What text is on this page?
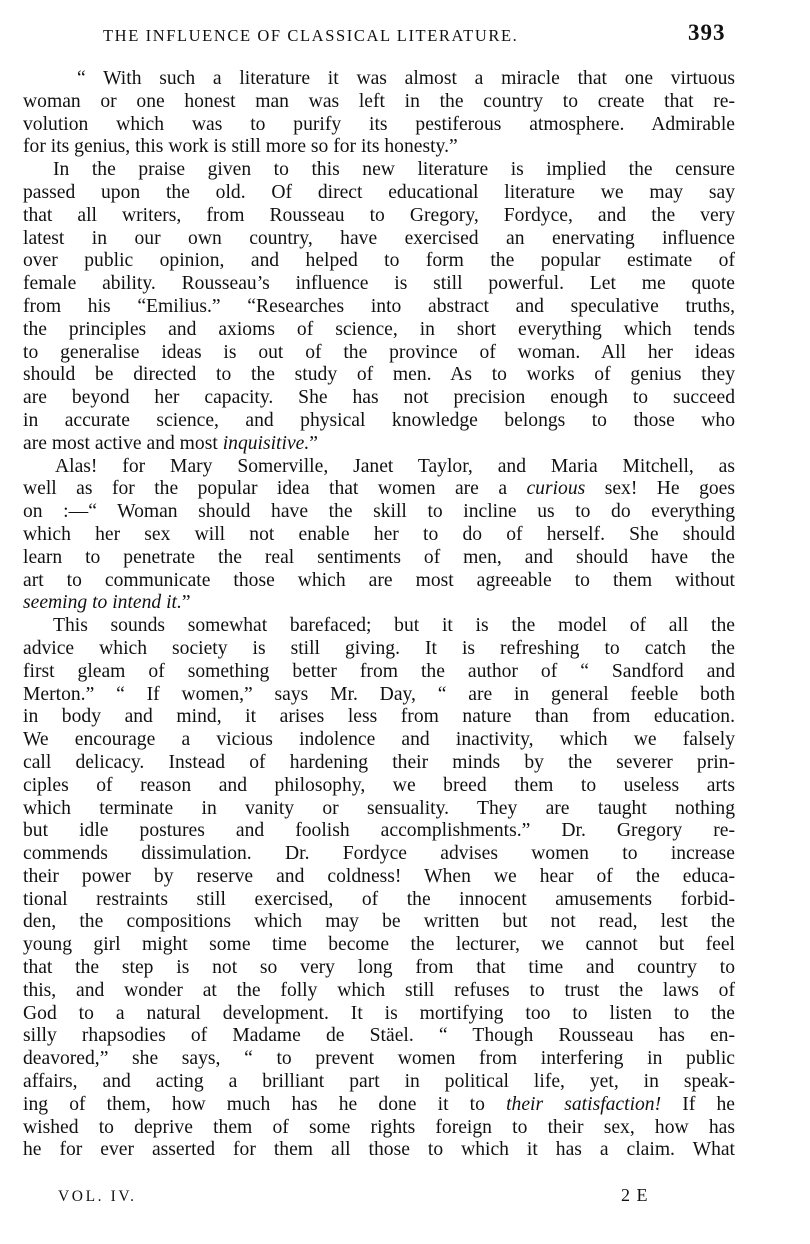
THE INFLUENCE OF CLASSICAL LITERATURE.	393
“ With such a literature it was almost a miracle that one virtuous
woman or one honest man was left in the country to create that re-
volution which was to purify its pestiferous atmosphere. Admirable
for its genius, this work is still more so for its honesty.”
In the praise given to this new literature is implied the censure
passed upon the old. Of direct educational literature we may say
that all writers, from Rousseau to Gregory, Fordyce, and the very
latest in our own country, have exercised an enervating influence
over public opinion, and helped to form the popular estimate of
female ability. Rousseau’s influence is still powerful. Let me quote
from his “Emilius.” “Researches into abstract and speculative truths,
the principles and axioms of science, in short everything which tends
to generalise ideas is out of the province of woman. All her ideas
should be directed to the study of men. As to works of genius they
are beyond her capacity. She has not precision enough to succeed
in accurate science, and physical knowledge belongs to those who
are most active and most inquisitive.”
Alas! for Mary Somerville, Janet Taylor, and Maria Mitchell, as
well as for the popular idea that women are a curious sex! He goes
on :—“ Woman should have the skill to incline us to do everything
which her sex will not enable her to do of herself. She should
learn to penetrate the real sentiments of men, and should have the
art to communicate those which are most agreeable to them without
seeming to intend it.”
This sounds somewhat barefaced; but it is the model of all the
advice which society is still giving. It is refreshing to catch the
first gleam of something better from the author of “ Sandford and
Merton.” “ If women,” says Mr. Day, “ are in general feeble both
in body and mind, it arises less from nature than from education.
We encourage a vicious indolence and inactivity, which we falsely
call delicacy. Instead of hardening their minds by the severer prin-
ciples of reason and philosophy, we breed them to useless arts
which terminate in vanity or sensuality. They are taught nothing
but idle postures and foolish accomplishments.” Dr. Gregory re-
commends dissimulation. Dr. Fordyce advises women to increase
their power by reserve and coldness! When we hear of the educa-
tional restraints still exercised, of the innocent amusements forbid-
den, the compositions which may be written but not read, lest the
young girl might some time become the lecturer, we cannot but feel
that the step is not so very long from that time and country to
this, and wonder at the folly which still refuses to trust the laws of
God to a natural development. It is mortifying too to listen to the
silly rhapsodies of Madame de Stäel. “ Though Rousseau has en-
deavored,” she says, “ to prevent women from interfering in public
affairs, and acting a brilliant part in political life, yet, in speak-
ing of them, how much has he done it to their satisfaction! If he
wished to deprive them of some rights foreign to their sex, how has
he for ever asserted for them all those to which it has a claim. What
VOL. IV.	2 E
